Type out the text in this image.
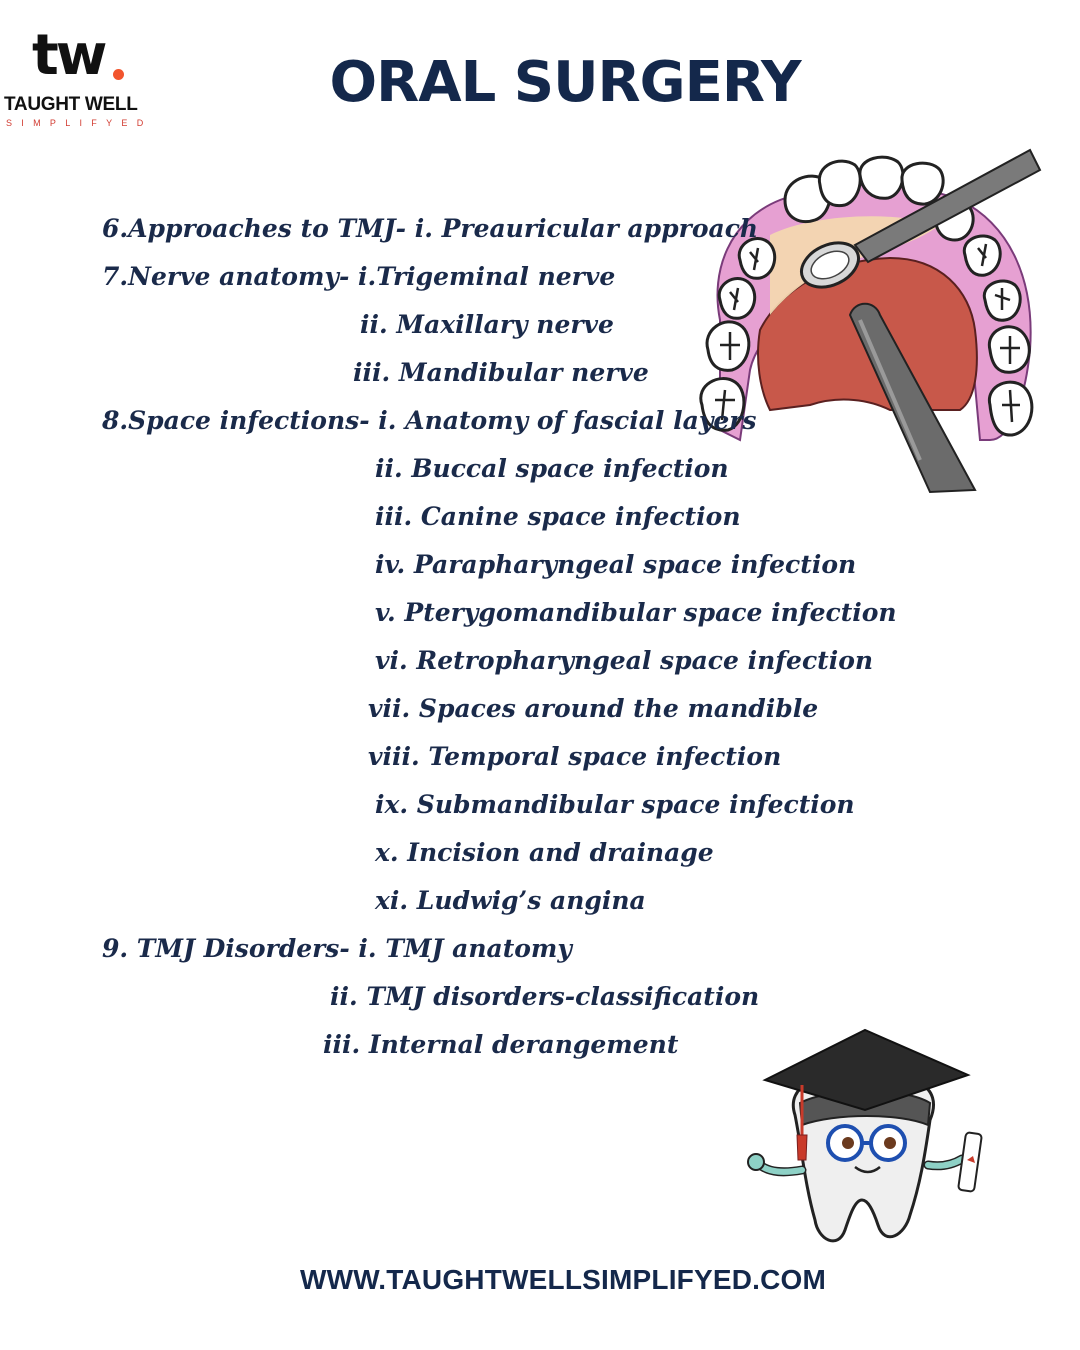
tw
TAUGHT WELL
SIMPLIFYED
ORAL SURGERY
6.Approaches to TMJ- i. Preauricular approach
7.Nerve anatomy- i.Trigeminal nerve
ii. Maxillary nerve
iii. Mandibular nerve
8.Space infections- i. Anatomy of fascial layers
ii. Buccal space infection
iii. Canine space infection
iv. Parapharyngeal space infection
v. Pterygomandibular space infection
vi. Retropharyngeal space infection
vii. Spaces around the mandible
viii. Temporal space infection
ix. Submandibular space infection
x. Incision and drainage
xi. Ludwig’s angina
9. TMJ Disorders- i. TMJ anatomy
ii. TMJ disorders-classification
iii. Internal derangement
WWW.TAUGHTWELLSIMPLIFYED.COM
